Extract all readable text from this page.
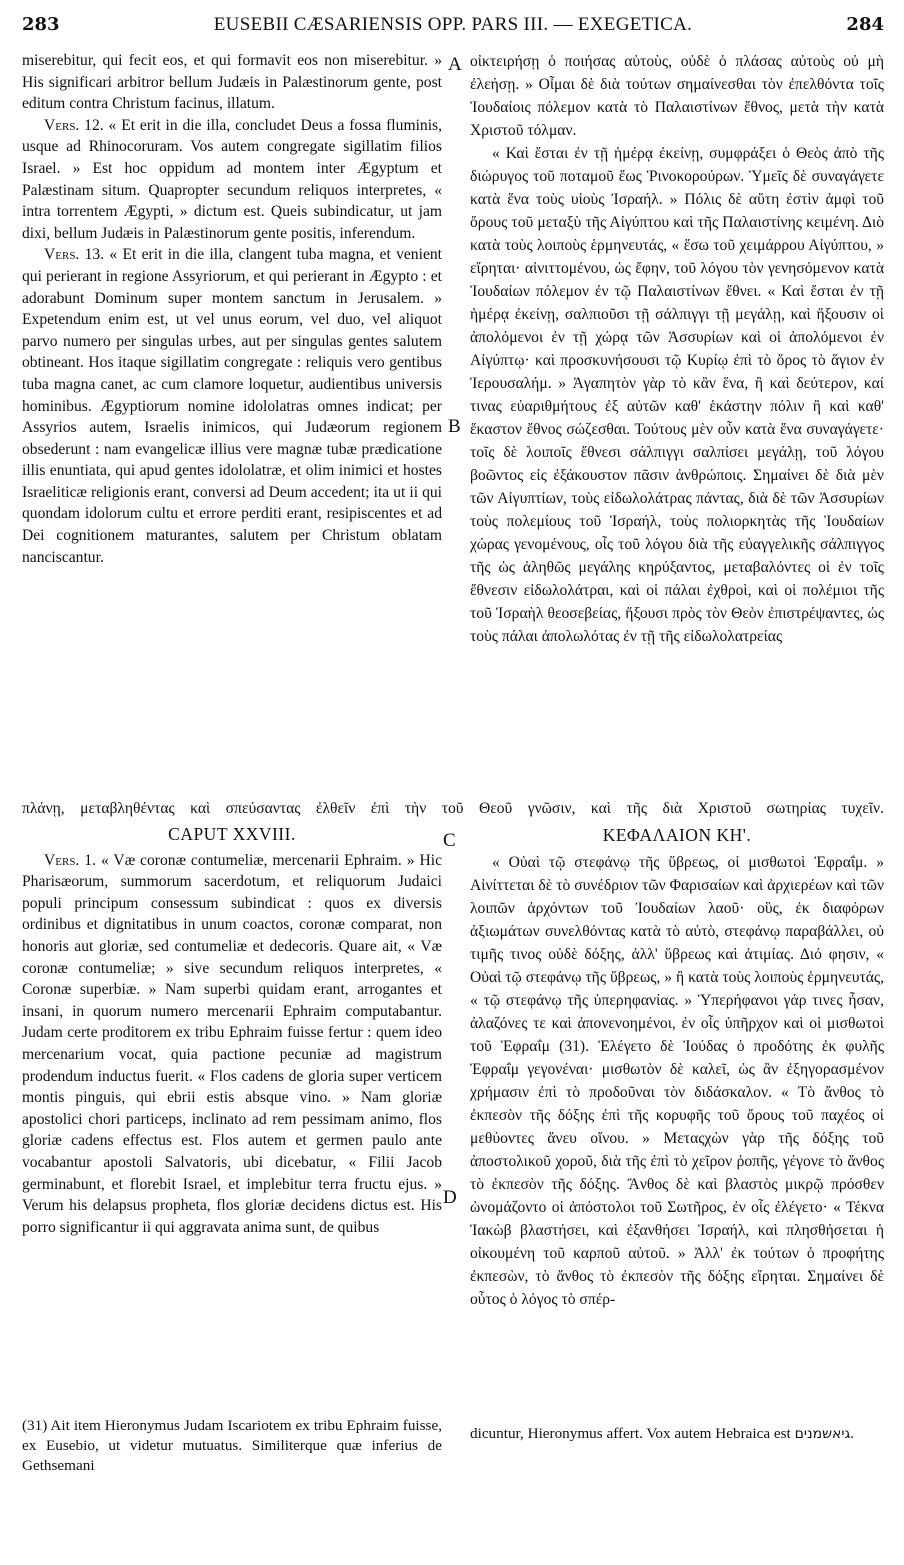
283	EUSEBII CÆSARIENSIS OPP. PARS III. — EXEGETICA.	284

miserebitur, qui fecit eos, et qui formavit eos non miserebitur. » His significari arbitror bellum Judæis in Palæstinorum gente, post editum contra Christum facinus, illatum.

Vers. 12. « Et erit in die illa, concludet Deus a fossa fluminis, usque ad Rhinocoruram. Vos autem congregate sigillatim filios Israel. » Est hoc oppidum ad montem inter Ægyptum et Palæstinam situm. Quapropter secundum reliquos interpretes, « intra torrentem Ægypti, » dictum est. Queis subindicatur, ut jam dixi, bellum Judæis in Palæstinorum gente positis, inferendum.

Vers. 13. « Et erit in die illa, clangent tuba magna, et venient qui perierant in regione Assyriorum, et qui perierant in Ægypto : et adorabunt Dominum super montem sanctum in Jerusalem. » Expetendum enim est, ut vel unus eorum, vel duo, vel aliquot parvo numero per singulas urbes, aut per singulas gentes salutem obtineant. Hos itaque sigillatim congregate : reliquis vero gentibus tuba magna canet, ac cum clamore loquetur, audientibus universis hominibus. Ægyptiorum nomine idololatras omnes indicat; per Assyrios autem, Israelis inimicos, qui Judæorum regionem obsederunt : nam evangelicæ illius vere magnæ tubæ prædicatione illis enuntiata, qui apud gentes idololatræ, et olim inimici et hostes Israeliticæ religionis erant, conversi ad Deum accedent; ita ut ii qui quondam idolorum cultu et errore perditi erant, resipiscentes et ad Dei cognitionem maturantes, salutem per Christum oblatam nanciscantur.

CAPUT XXVIII.

Vers. 1. « Væ coronæ contumeliæ, mercenarii Ephraim. » Hic Pharisæorum, summorum sacerdotum, et reliquorum Judaici populi principum consessum subindicat : quos ex diversis ordinibus et dignitatibus in unum coactos, coronæ comparat, non honoris aut gloriæ, sed contumeliæ et dedecoris. Quare ait, « Væ coronæ contumeliæ; » sive secundum reliquos interpretes, « Coronæ superbiæ. » Nam superbi quidam erant, arrogantes et insani, in quorum numero mercenarii Ephraim computabantur. Judam certe proditorem ex tribu Ephraim fuisse fertur : quem ideo mercenarium vocat, quia pactione pecuniæ ad magistrum prodendum inductus fuerit. « Flos cadens de gloria super verticem montis pinguis, qui ebrii estis absque vino. » Nam gloriæ apostolici chori particeps, inclinato ad rem pessimam animo, flos gloriæ cadens effectus est. Flos autem et germen paulo ante vocabantur apostoli Salvatoris, ubi dicebatur, « Filii Jacob germinabunt, et florebit Israel, et implebitur terra fructu ejus. » Verum his delapsus propheta, flos gloriæ decidens dictus est. His porro significantur ii qui aggravata anima sunt, de quibus

οἰκτειρήσῃ ὁ ποιήσας αὐτοὺς, οὐδὲ ὁ πλάσας αὐτοὺς οὐ μὴ ἐλεήσῃ. » Οἶμαι δὲ διὰ τούτων σημαίνεσθαι τὸν ἐπελθόντα τοῖς Ἰουδαίοις πόλεμον κατὰ τὸ Παλαιστίνων ἔθνος, μετὰ τὴν κατὰ Χριστοῦ τόλμαν.

« Καὶ ἔσται ἐν τῇ ἡμέρᾳ ἐκείνῃ, συμφράξει ὁ Θεὸς ἀπὸ τῆς διώρυγος τοῦ ποταμοῦ ἕως Ῥινοκορούρων. Ὑμεῖς δὲ συναγάγετε κατὰ ἕνα τοὺς υἱοὺς Ἰσραήλ. » Πόλις δὲ αὕτη ἐστὶν ἀμφὶ τοῦ ὄρους τοῦ μεταξὺ τῆς Αἰγύπτου καὶ τῆς Παλαιστίνης κειμένη. Διὸ κατὰ τοὺς λοιποὺς ἑρμηνευτάς, « ἕσω τοῦ χειμάρρου Αἰγύπτου, » εἴρηται· αἰνιττομένου, ὡς ἔφην, τοῦ λόγου τὸν γενησόμενον κατὰ Ἰουδαίων πόλεμον ἐν τῷ Παλαιστίνων ἔθνει. « Καὶ ἔσται ἐν τῇ ἡμέρᾳ ἐκείνῃ, σαλπιοῦσι τῇ σάλπιγγι τῇ μεγάλῃ, καὶ ἥξουσιν οἱ ἀπολόμενοι ἐν τῇ χώρᾳ τῶν Ἀσσυρίων καὶ οἱ ἀπολόμενοι ἐν Αἰγύπτῳ· καὶ προσκυνήσουσι τῷ Κυρίῳ ἐπὶ τὸ ὄρος τὸ ἅγιον ἐν Ἱερουσαλήμ. » Ἀγαπητὸν γὰρ τὸ κἂν ἕνα, ἢ καὶ δεύτερον, καί τινας εὐαριθμήτους ἐξ αὐτῶν καθ' ἑκάστην πόλιν ἢ καὶ καθ' ἕκαστον ἔθνος σώζεσθαι. Τούτους μὲν οὖν κατὰ ἕνα συναγάγετε· τοῖς δὲ λοιποῖς ἔθνεσι σάλπιγγι σαλπίσει μεγάλῃ, τοῦ λόγου βοῶντος εἰς ἐξάκουστον πᾶσιν ἀνθρώποις. Σημαίνει δὲ διὰ μὲν τῶν Αἰγυπτίων, τοὺς εἰδωλολάτρας πάντας, διὰ δὲ τῶν Ἀσσυρίων τοὺς πολεμίους τοῦ Ἰσραήλ, τοὺς πολιορκητὰς τῆς Ἰουδαίων χώρας γενομένους, οἷς τοῦ λόγου διὰ τῆς εὐαγγελικῆς σάλπιγγος τῆς ὡς ἀληθῶς μεγάλης κηρύξαντος, μεταβαλόντες οἱ ἐν τοῖς ἔθνεσιν εἰδωλολάτραι, καὶ οἱ πάλαι ἐχθροὶ, καὶ οἱ πολέμιοι τῆς τοῦ Ἰσραὴλ θεοσεβείας, ἥξουσι πρὸς τὸν Θεὸν ἐπιστρέψαντες, ὡς τοὺς πάλαι ἀπολωλότας ἐν τῇ τῆς εἰδωλολατρείας

ΚΕΦΑΛΑΙΟΝ ΚΗ'.

« Οὐαὶ τῷ στεφάνῳ τῆς ὕβρεως, οἱ μισθωτοὶ Ἐφραΐμ. » Αἰνίττεται δὲ τὸ συνέδριον τῶν Φαρισαίων καὶ ἀρχιερέων καὶ τῶν λοιπῶν ἀρχόντων τοῦ Ἰουδαίων λαοῦ· οὓς, ἐκ διαφόρων ἀξιωμάτων συνελθόντας κατὰ τὸ αὐτὸ, στεφάνῳ παραβάλλει, οὐ τιμῆς τινος οὐδὲ δόξης, ἀλλ' ὕβρεως καὶ ἀτιμίας. Διό φησιν, « Οὐαὶ τῷ στεφάνῳ τῆς ὕβρεως, » ἢ κατὰ τοὺς λοιποὺς ἑρμηνευτάς, « τῷ στεφάνῳ τῆς ὑπερηφανίας. » Ὑπερήφανοι γάρ τινες ἦσαν, ἀλαζόνες τε καὶ ἀπονενοημένοι, ἐν οἷς ὑπῆρχον καὶ οἱ μισθωτοὶ τοῦ Ἐφραΐμ (31). Ἐλέγετο δὲ Ἰούδας ὁ προδότης ἐκ φυλῆς Ἐφραΐμ γεγονέναι· μισθωτὸν δὲ καλεῖ, ὡς ἂν ἐξηγορασμένον χρήμασιν ἐπὶ τὸ προδοῦναι τὸν διδάσκαλον. « Τὸ ἄνθος τὸ ἐκπεσὸν τῆς δόξης ἐπὶ τῆς κορυφῆς τοῦ ὄρους τοῦ παχέος οἱ μεθύοντες ἄνευ οἴνου. » Μεταςχὼν γὰρ τῆς δόξης τοῦ ἀποστολικοῦ χοροῦ, διὰ τῆς ἐπὶ τὸ χεῖρον ῥοπῆς, γέγονε τὸ ἄνθος τὸ ἐκπεσὸν τῆς δόξης. Ἄνθος δὲ καὶ βλαστὸς μικρῷ πρόσθεν ὠνομάζοντο οἱ ἀπόστολοι τοῦ Σωτῆρος, ἐν οἷς ἐλέγετο· « Τέκνα Ἰακὼβ βλαστήσει, καὶ ἐξανθήσει Ἰσραήλ, καὶ πλησθήσεται ἡ οἰκουμένη τοῦ καρποῦ αὐτοῦ. » Ἀλλ' ἐκ τούτων ὁ προφήτης ἐκπεσὼν, τὸ ἄνθος τὸ ἐκπεσὸν τῆς δόξης εἴρηται. Σημαίνει δὲ οὗτος ὁ λόγος τὸ σπέρ-

πλάνῃ, μεταβληθέντας καὶ σπεύσαντας ἐλθεῖν ἐπὶ τὴν τοῦ Θεοῦ γνῶσιν, καὶ τῆς διὰ Χριστοῦ σωτηρίας τυχεῖν.
A
B
C
D
(31) Ait item Hieronymus Judam Iscariotem ex tribu Ephraim fuisse, ex Eusebio, ut videtur mutuatus. Similiterque quæ inferius de Gethsemani
dicuntur, Hieronymus affert. Vox autem Hebraica est גיאשמנים.
